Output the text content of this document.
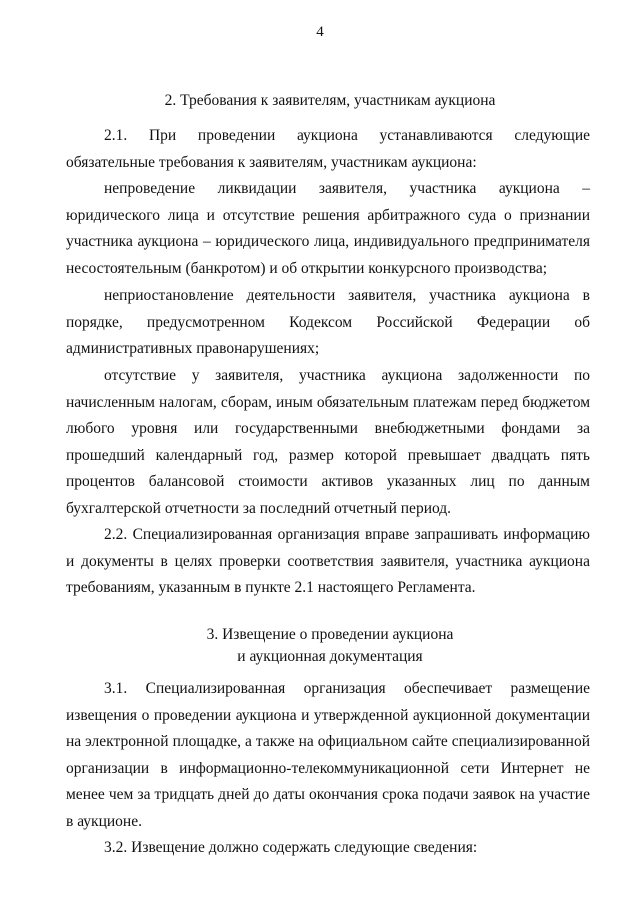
4
2. Требования к заявителям, участникам аукциона
2.1. При проведении аукциона устанавливаются следующие обязательные требования к заявителям, участникам аукциона:
непроведение ликвидации заявителя, участника аукциона – юридического лица и отсутствие решения арбитражного суда о признании участника аукциона – юридического лица, индивидуального предпринимателя несостоятельным (банкротом) и об открытии конкурсного производства;
неприостановление деятельности заявителя, участника аукциона в порядке, предусмотренном Кодексом Российской Федерации об административных правонарушениях;
отсутствие у заявителя, участника аукциона задолженности по начисленным налогам, сборам, иным обязательным платежам перед бюджетом любого уровня или государственными внебюджетными фондами за прошедший календарный год, размер которой превышает двадцать пять процентов балансовой стоимости активов указанных лиц по данным бухгалтерской отчетности за последний отчетный период.
2.2. Специализированная организация вправе запрашивать информацию и документы в целях проверки соответствия заявителя, участника аукциона требованиям, указанным в пункте 2.1 настоящего Регламента.
3. Извещение о проведении аукциона
и аукционная документация
3.1. Специализированная организация обеспечивает размещение извещения о проведении аукциона и утвержденной аукционной документации на электронной площадке, а также на официальном сайте специализированной организации в информационно-телекоммуникационной сети Интернет не менее чем за тридцать дней до даты окончания срока подачи заявок на участие в аукционе.
3.2. Извещение должно содержать следующие сведения:
